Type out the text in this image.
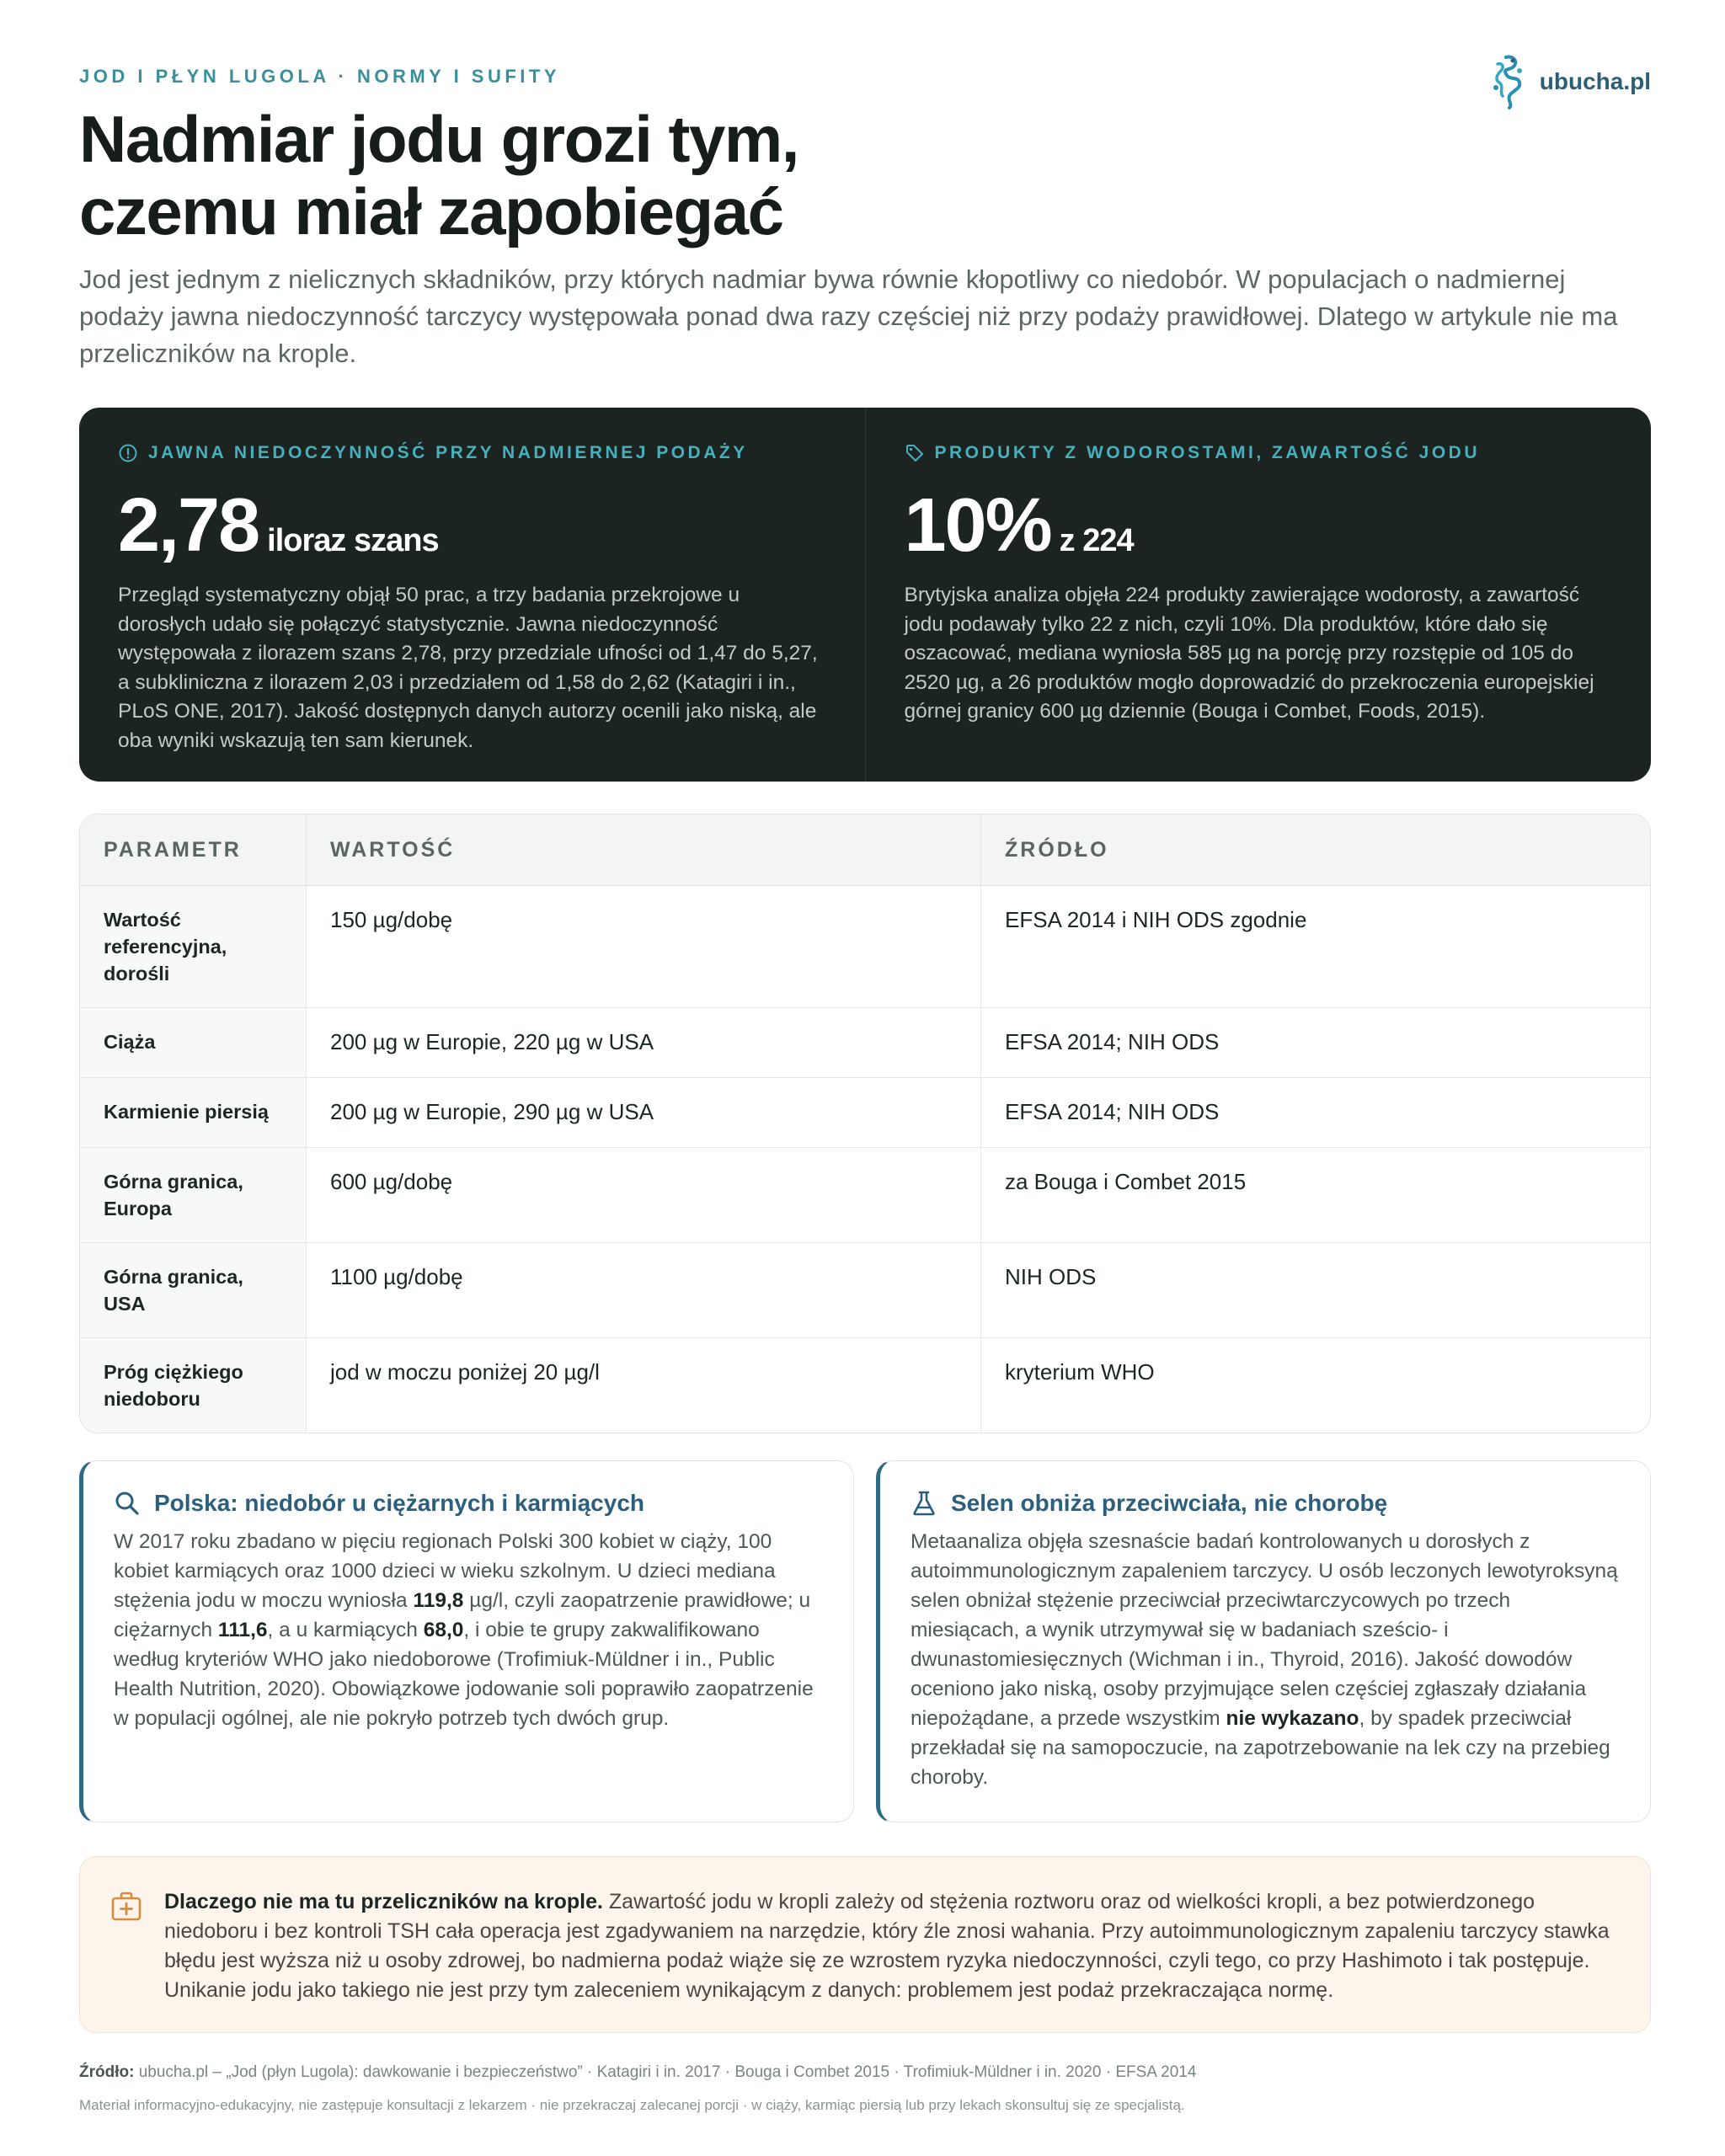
JOD I PŁYN LUGOLA · NORMY I SUFITY	ubucha.pl
Nadmiar jodu grozi tym,
czemu miał zapobiegać

Jod jest jednym z nielicznych składników, przy których nadmiar bywa równie kłopotliwy co niedobór. W populacjach o nadmiernej podaży jawna niedoczynność tarczycy występowała ponad dwa razy częściej niż przy podaży prawidłowej. Dlatego w artykule nie ma przeliczników na krople.

JAWNA NIEDOCZYNNOŚĆ PRZY NADMIERNEJ PODAŻY
2,78 iloraz szans
Przegląd systematyczny objął 50 prac, a trzy badania przekrojowe u dorosłych udało się połączyć statystycznie. Jawna niedoczynność występowała z ilorazem szans 2,78, przy przedziale ufności od 1,47 do 5,27, a subkliniczna z ilorazem 2,03 i przedziałem od 1,58 do 2,62 (Katagiri i in., PLoS ONE, 2017). Jakość dostępnych danych autorzy ocenili jako niską, ale oba wyniki wskazują ten sam kierunek.
PRODUKTY Z WODOROSTAMI, ZAWARTOŚĆ JODU
10% z 224
Brytyjska analiza objęła 224 produkty zawierające wodorosty, a zawartość jodu podawały tylko 22 z nich, czyli 10%. Dla produktów, które dało się oszacować, mediana wyniosła 585 µg na porcję przy rozstępie od 105 do 2520 µg, a 26 produktów mogło doprowadzić do przekroczenia europejskiej górnej granicy 600 µg dziennie (Bouga i Combet, Foods, 2015).
PARAMETR	WARTOŚĆ	ŹRÓDŁO
Wartość referencyjna, dorośli	150 µg/dobę	EFSA 2014 i NIH ODS zgodnie
Ciąża	200 µg w Europie, 220 µg w USA	EFSA 2014; NIH ODS
Karmienie piersią	200 µg w Europie, 290 µg w USA	EFSA 2014; NIH ODS
Górna granica, Europa	600 µg/dobę	za Bouga i Combet 2015
Górna granica, USA	1100 µg/dobę	NIH ODS
Próg ciężkiego niedoboru	jod w moczu poniżej 20 µg/l	kryterium WHO
Polska: niedobór u ciężarnych i karmiących
W 2017 roku zbadano w pięciu regionach Polski 300 kobiet w ciąży, 100 kobiet karmiących oraz 1000 dzieci w wieku szkolnym. U dzieci mediana stężenia jodu w moczu wyniosła 119,8 µg/l, czyli zaopatrzenie prawidłowe; u ciężarnych 111,6, a u karmiących 68,0, i obie te grupy zakwalifikowano według kryteriów WHO jako niedoborowe (Trofimiuk-Müldner i in., Public Health Nutrition, 2020). Obowiązkowe jodowanie soli poprawiło zaopatrzenie w populacji ogólnej, ale nie pokryło potrzeb tych dwóch grup.
Selen obniża przeciwciała, nie chorobę
Metaanaliza objęła szesnaście badań kontrolowanych u dorosłych z autoimmunologicznym zapaleniem tarczycy. U osób leczonych lewotyroksyną selen obniżał stężenie przeciwciał przeciwtarczycowych po trzech miesiącach, a wynik utrzymywał się w badaniach sześcio- i dwunastomiesięcznych (Wichman i in., Thyroid, 2016). Jakość dowodów oceniono jako niską, osoby przyjmujące selen częściej zgłaszały działania niepożądane, a przede wszystkim nie wykazano, by spadek przeciwciał przekładał się na samopoczucie, na zapotrzebowanie na lek czy na przebieg choroby.
Dlaczego nie ma tu przeliczników na krople. Zawartość jodu w kropli zależy od stężenia roztworu oraz od wielkości kropli, a bez potwierdzonego niedoboru i bez kontroli TSH cała operacja jest zgadywaniem na narzędzie, który źle znosi wahania. Przy autoimmunologicznym zapaleniu tarczycy stawka błędu jest wyższa niż u osoby zdrowej, bo nadmierna podaż wiąże się ze wzrostem ryzyka niedoczynności, czyli tego, co przy Hashimoto i tak postępuje. Unikanie jodu jako takiego nie jest przy tym zaleceniem wynikającym z danych: problemem jest podaż przekraczająca normę.
Źródło: ubucha.pl – „Jod (płyn Lugola): dawkowanie i bezpieczeństwo” · Katagiri i in. 2017 · Bouga i Combet 2015 · Trofimiuk-Müldner i in. 2020 · EFSA 2014
Materiał informacyjno-edukacyjny, nie zastępuje konsultacji z lekarzem · nie przekraczaj zalecanej porcji · w ciąży, karmiąc piersią lub przy lekach skonsultuj się ze specjalistą.
